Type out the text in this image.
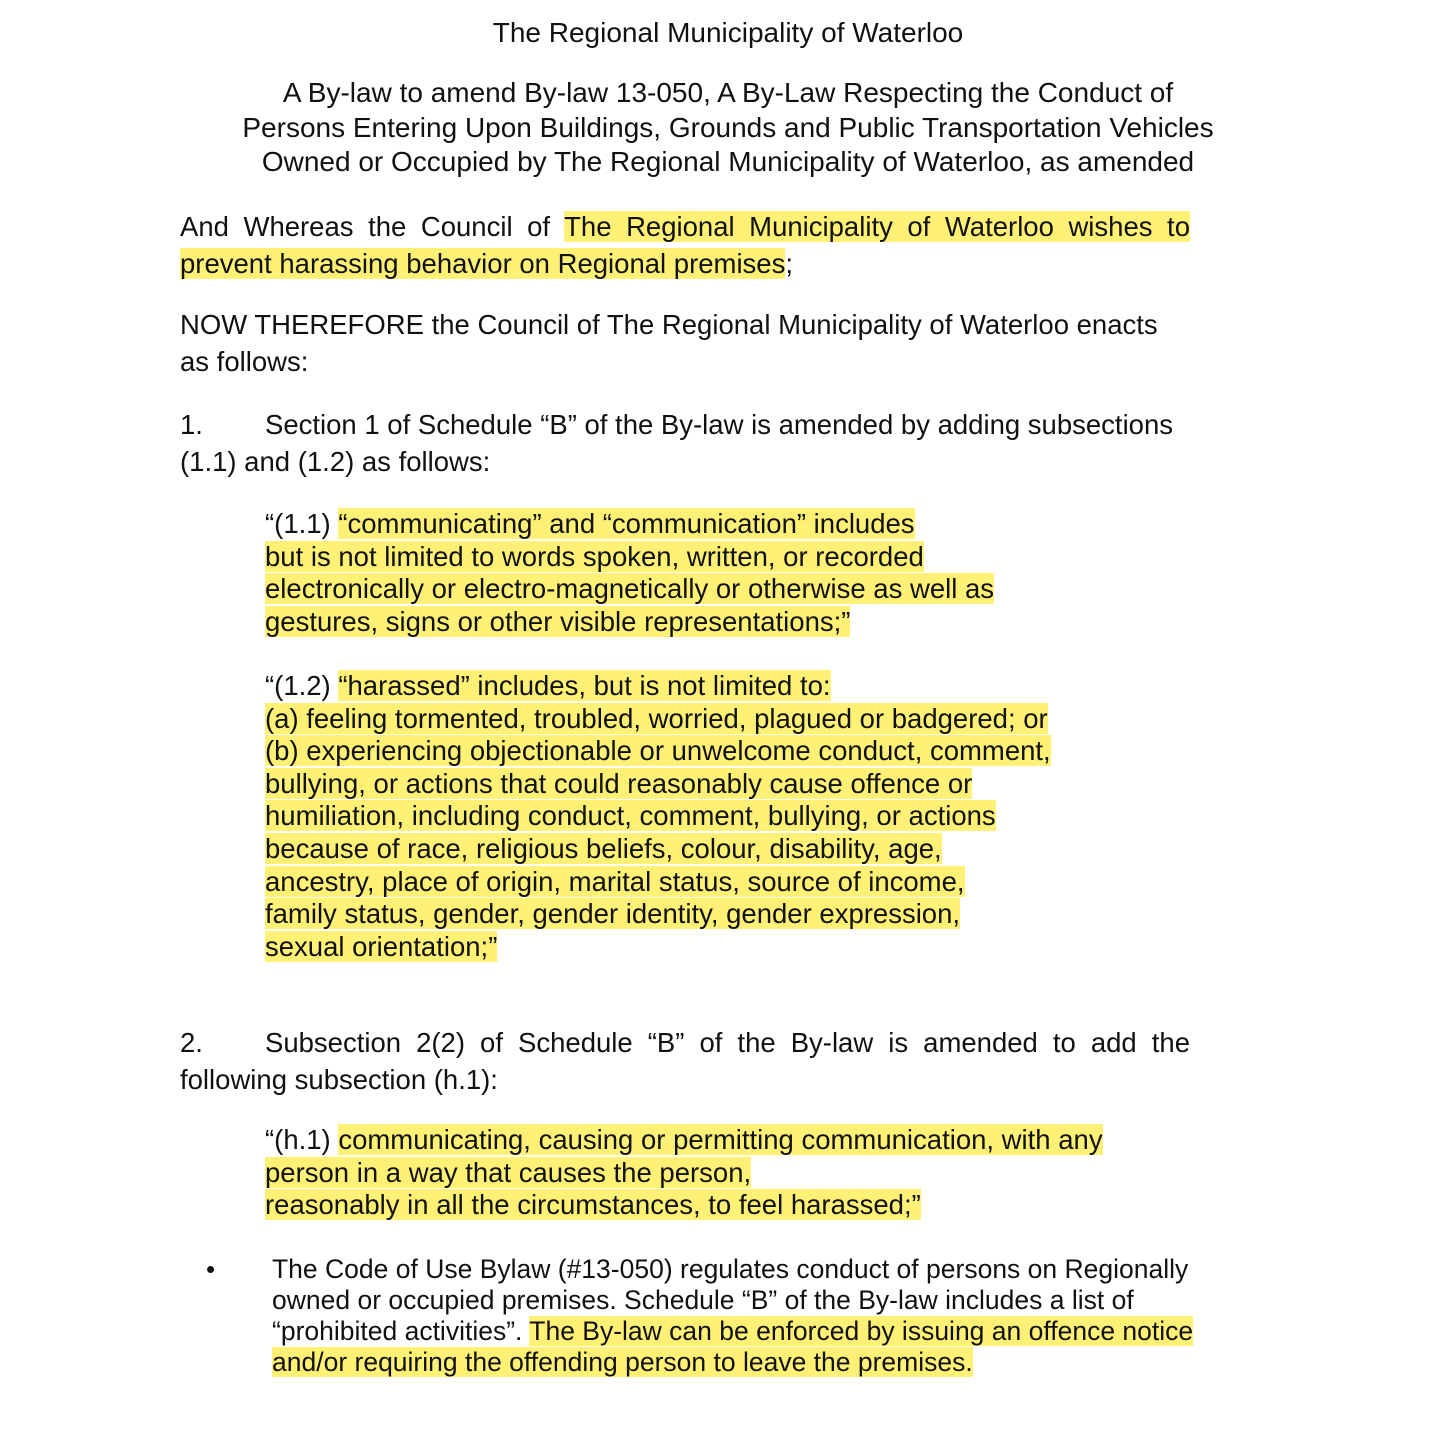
The Regional Municipality of Waterloo
A By-law to amend By-law 13-050, A By-Law Respecting the Conduct of
Persons Entering Upon Buildings, Grounds and Public Transportation Vehicles
Owned or Occupied by The Regional Municipality of Waterloo, as amended
And Whereas the Council of The Regional Municipality of Waterloo wishes to
prevent harassing behavior on Regional premises;
NOW THEREFORE the Council of The Regional Municipality of Waterloo enacts
as follows:
1. Section 1 of Schedule “B” of the By-law is amended by adding subsections
(1.1) and (1.2) as follows:
“(1.1) “communicating” and “communication” includes
but is not limited to words spoken, written, or recorded
electronically or electro-magnetically or otherwise as well as
gestures, signs or other visible representations;”
“(1.2) “harassed” includes, but is not limited to:
(a) feeling tormented, troubled, worried, plagued or badgered; or
(b) experiencing objectionable or unwelcome conduct, comment,
bullying, or actions that could reasonably cause offence or
humiliation, including conduct, comment, bullying, or actions
because of race, religious beliefs, colour, disability, age,
ancestry, place of origin, marital status, source of income,
family status, gender, gender identity, gender expression,
sexual orientation;”
2. Subsection 2(2) of Schedule “B” of the By-law is amended to add the
following subsection (h.1):
“(h.1) communicating, causing or permitting communication, with any
person in a way that causes the person,
reasonably in all the circumstances, to feel harassed;”
•	The Code of Use Bylaw (#13-050) regulates conduct of persons on Regionally
owned or occupied premises. Schedule “B” of the By-law includes a list of
“prohibited activities”. The By-law can be enforced by issuing an offence notice
and/or requiring the offending person to leave the premises.
